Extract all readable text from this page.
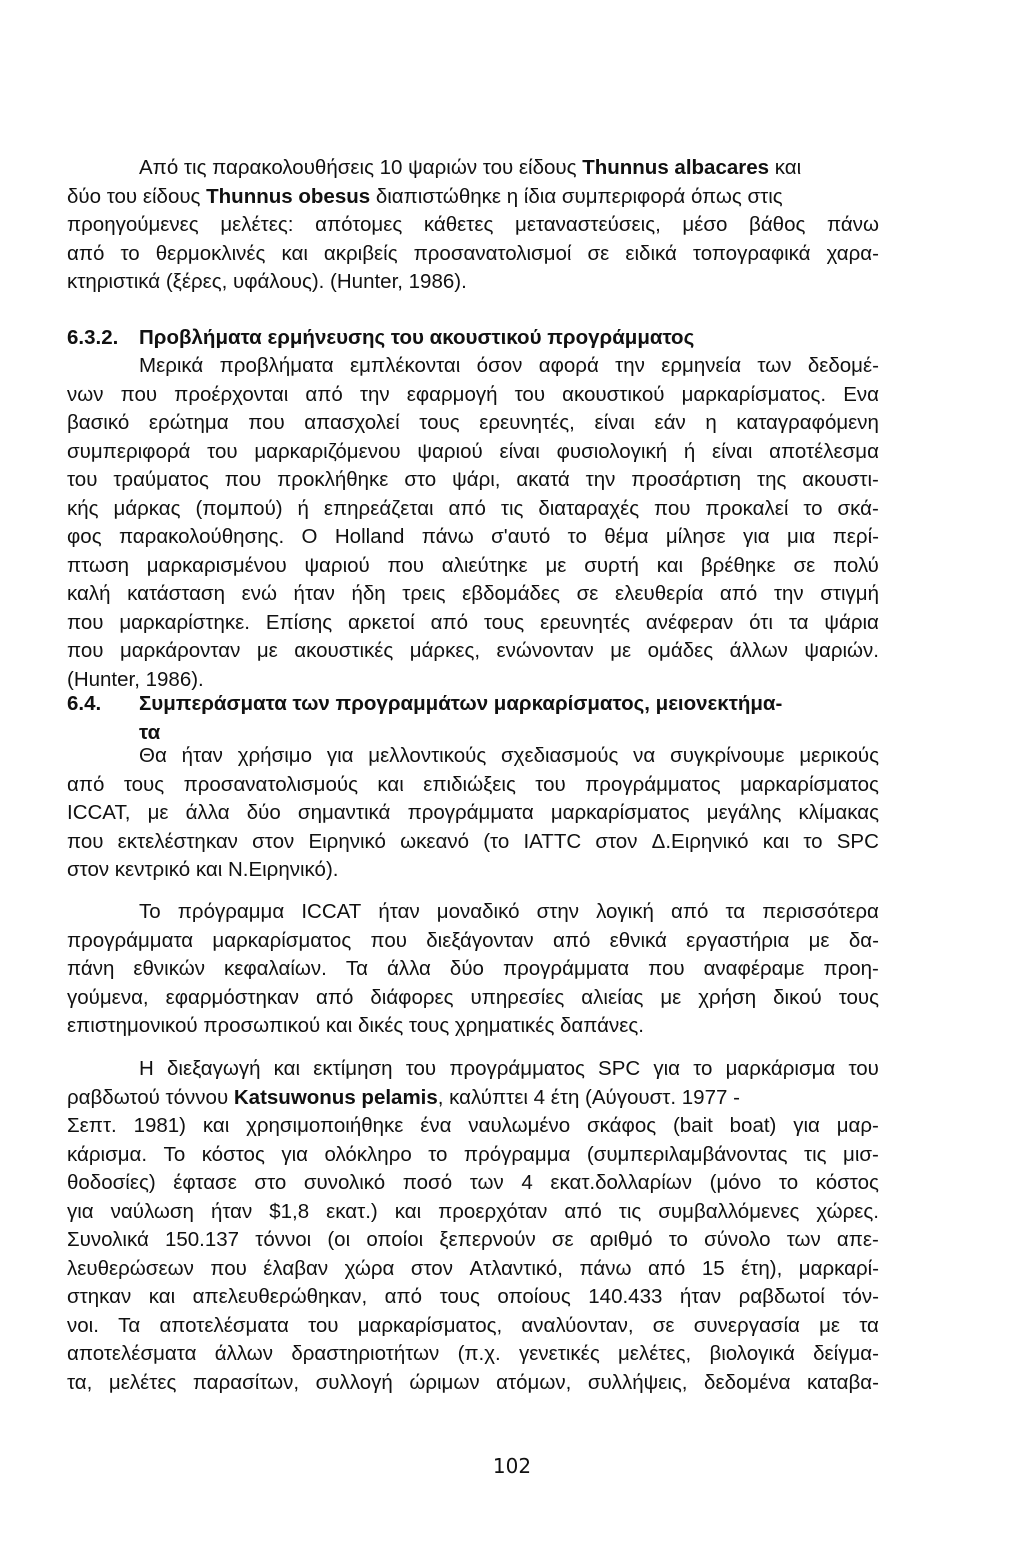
Από τις παρακολουθήσεις 10 ψαριών του είδους Thunnus albacares και
δύο του είδους Thunnus obesus διαπιστώθηκε η ίδια συμπεριφορά όπως στις
προηγούμενες μελέτες: απότομες κάθετες μεταναστεύσεις, μέσο βάθος πάνω
από το θερμοκλινές και ακριβείς προσανατολισμοί σε ειδικά τοπογραφικά χαρα-
κτηριστικά (ξέρες, υφάλους). (Hunter, 1986).
6.3.2. Προβλήματα ερμήνευσης του ακουστικού προγράμματος
Μερικά προβλήματα εμπλέκονται όσον αφορά την ερμηνεία των δεδομέ-
νων που προέρχονται από την εφαρμογή του ακουστικού μαρκαρίσματος. Ενα
βασικό ερώτημα που απασχολεί τους ερευνητές, είναι εάν η καταγραφόμενη
συμπεριφορά του μαρκαριζόμενου ψαριού είναι φυσιολογική ή είναι αποτέλεσμα
του τραύματος που προκλήθηκε στο ψάρι, ακατά την προσάρτιση της ακουστι-
κής μάρκας (πομπού) ή επηρεάζεται από τις διαταραχές που προκαλεί το σκά-
φος παρακολούθησης. Ο Holland πάνω σ'αυτό το θέμα μίλησε για μια περί-
πτωση μαρκαρισμένου ψαριού που αλιεύτηκε με συρτή και βρέθηκε σε πολύ
καλή κατάσταση ενώ ήταν ήδη τρεις εβδομάδες σε ελευθερία από την στιγμή
που μαρκαρίστηκε. Επίσης αρκετοί από τους ερευνητές ανέφεραν ότι τα ψάρια
που μαρκάρονταν με ακουστικές μάρκες, ενώνονταν με ομάδες άλλων ψαριών.
(Hunter, 1986).
6.4. Συμπεράσματα των προγραμμάτων μαρκαρίσματος, μειονεκτήμα-
τα
Θα ήταν χρήσιμο για μελλοντικούς σχεδιασμούς να συγκρίνουμε μερικούς
από τους προσανατολισμούς και επιδιώξεις του προγράμματος μαρκαρίσματος
ICCAT, με άλλα δύο σημαντικά προγράμματα μαρκαρίσματος μεγάλης κλίμακας
που εκτελέστηκαν στον Ειρηνικό ωκεανό (το IATTC στον Δ.Ειρηνικό και το SPC
στον κεντρικό και Ν.Ειρηνικό).
Το πρόγραμμα ICCAT ήταν μοναδικό στην λογική από τα περισσότερα
προγράμματα μαρκαρίσματος που διεξάγονταν από εθνικά εργαστήρια με δα-
πάνη εθνικών κεφαλαίων. Τα άλλα δύο προγράμματα που αναφέραμε προη-
γούμενα, εφαρμόστηκαν από διάφορες υπηρεσίες αλιείας με χρήση δικού τους
επιστημονικού προσωπικού και δικές τους χρηματικές δαπάνες.
Η διεξαγωγή και εκτίμηση του προγράμματος SPC για το μαρκάρισμα του
ραβδωτού τόννου Katsuwonus pelamis, καλύπτει 4 έτη (Αύγουστ. 1977 -
Σεπτ. 1981) και χρησιμοποιήθηκε ένα ναυλωμένο σκάφος (bait boat) για μαρ-
κάρισμα. Το κόστος για ολόκληρο το πρόγραμμα (συμπεριλαμβάνοντας τις μισ-
θοδοσίες) έφτασε στο συνολικό ποσό των 4 εκατ.δολλαρίων (μόνο το κόστος
για ναύλωση ήταν $1,8 εκατ.) και προερχόταν από τις συμβαλλόμενες χώρες.
Συνολικά 150.137 τόννοι (οι οποίοι ξεπερνούν σε αριθμό το σύνολο των απε-
λευθερώσεων που έλαβαν χώρα στον Ατλαντικό, πάνω από 15 έτη), μαρκαρί-
στηκαν και απελευθερώθηκαν, από τους οποίους 140.433 ήταν ραβδωτοί τόν-
νοι. Τα αποτελέσματα του μαρκαρίσματος, αναλύονταν, σε συνεργασία με τα
αποτελέσματα άλλων δραστηριοτήτων (π.χ. γενετικές μελέτες, βιολογικά δείγμα-
τα, μελέτες παρασίτων, συλλογή ώριμων ατόμων, συλλήψεις, δεδομένα καταβα-
102
